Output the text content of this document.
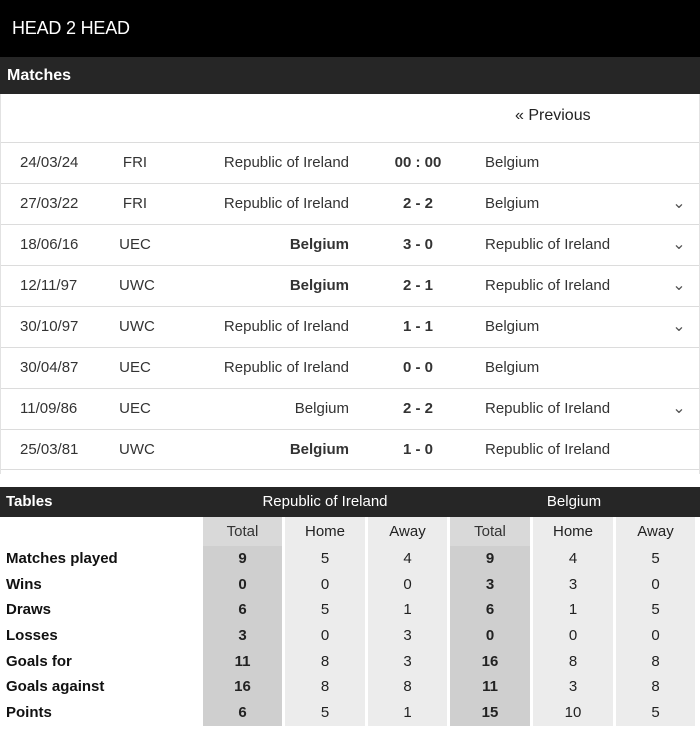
HEAD 2 HEAD
Matches
« Previous
24/03/24	FRI	Republic of Ireland	00 : 00	Belgium
27/03/22	FRI	Republic of Ireland	2 - 2	Belgium	⌄
18/06/16	UEC	Belgium	3 - 0	Republic of Ireland	⌄
12/11/97	UWC	Belgium	2 - 1	Republic of Ireland	⌄
30/10/97	UWC	Republic of Ireland	1 - 1	Belgium	⌄
30/04/87	UEC	Republic of Ireland	0 - 0	Belgium
11/09/86	UEC	Belgium	2 - 2	Republic of Ireland	⌄
25/03/81	UWC	Belgium	1 - 0	Republic of Ireland
Tables	Republic of Ireland	Belgium
Total	Home	Away	Total	Home	Away
Matches played	9	5	4	9	4	5
Wins	0	0	0	3	3	0
Draws	6	5	1	6	1	5
Losses	3	0	3	0	0	0
Goals for	11	8	3	16	8	8
Goals against	16	8	8	11	3	8
Points	6	5	1	15	10	5
